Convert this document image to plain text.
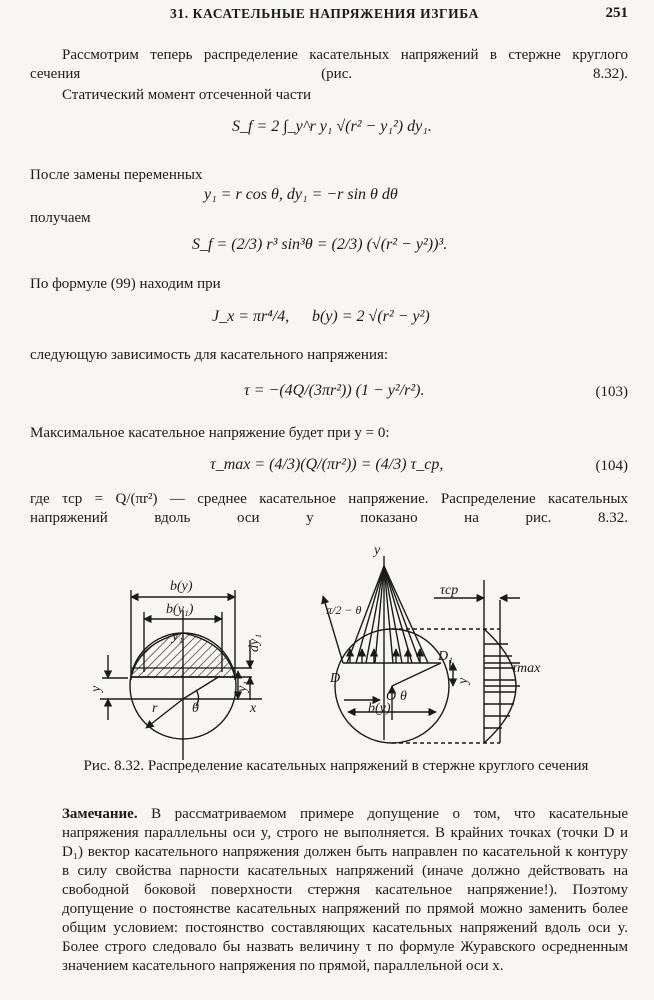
31. КАСАТЕЛЬНЫЕ НАПРЯЖЕНИЯ ИЗГИБА	251

Рассмотрим теперь распределение касательных напряжений в стержне круглого сечения (рис. 8.32).

Статический момент отсеченной части

S_f = 2 ∫_y^r y₁ √(r² − y₁²) dy₁.

После замены переменных

y₁ = r cos θ, dy₁ = −r sin θ dθ

получаем

S_f = (2/3) r³ sin³θ = (2/3) (√(r² − y²))³.

По формуле (99) находим при

J_x = πr⁴/4, b(y) = 2 √(r² − y²)

следующую зависимость для касательного напряжения:

τ = −(4Q/(3πr²)) (1 − y²/r²).	(103)

Максимальное касательное напряжение будет при y = 0:

τ_max = (4/3)(Q/(πr²)) = (4/3) τ_ср,	(104)

где τср = Q/(πr²) — среднее касательное напряжение. Распределение касательных напряжений вдоль оси y показано на рис. 8.32.

b(y)
b(y₁)
y₁	dy₁
y₁
y
r θ	x
y
π/2 − θ
τср
τmax
D
D₁
O θ
y
b(y)
Рис. 8.32. Распределение касательных напряжений в стержне круглого сечения
Замечание. В рассматриваемом примере допущение о том, что касательные напряжения параллельны оси y, строго не выполняется. В крайних точках (точки D и D₁) вектор касательного напряжения должен быть направлен по касательной к контуру в силу свойства парности касательных напряжений (иначе должно действовать на свободной боковой поверхности стержня касательное напряжение!). Поэтому допущение о постоянстве касательных напряжений по прямой можно заменить более общим условием: постоянство составляющих касательных напряжений вдоль оси y. Более строго следовало бы назвать величину τ по формуле Журавского осредненным значением касательного напряжения по прямой, параллельной оси x.
